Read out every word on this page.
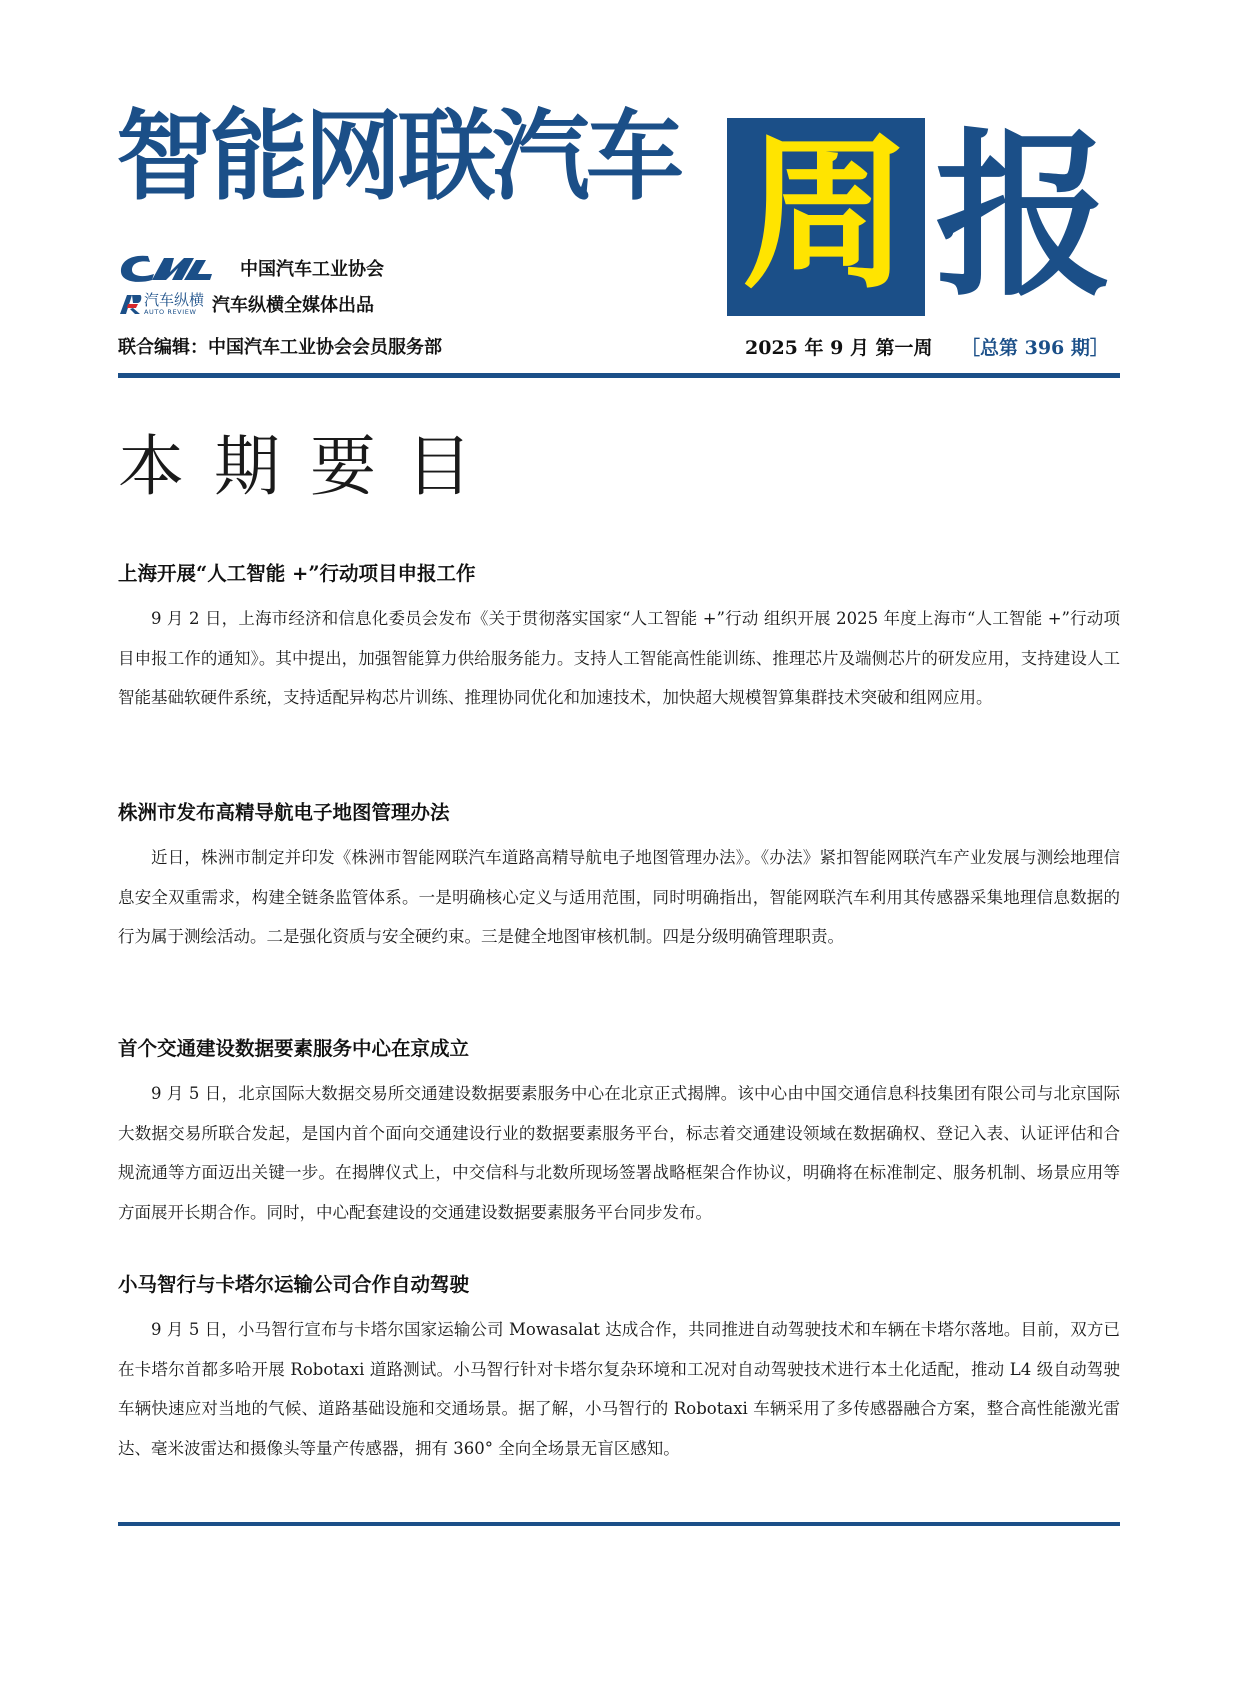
智能网联汽车 周 报
中国汽车工业协会
汽车纵横
AUTO REVIEW 汽车纵横全媒体出品
联合编辑：中国汽车工业协会会员服务部	2025 年 9 月 第一周 ［总第 396 期］
本期要目
上海开展“人工智能 +”行动项目申报工作
9 月 2 日，上海市经济和信息化委员会发布《关于贯彻落实国家“人工智能 +”行动 组织开展 2025 年度上海市“人工智能 +”行动项目申报工作的通知》。其中提出，加强智能算力供给服务能力。支持人工智能高性能训练、推理芯片及端侧芯片的研发应用，支持建设人工智能基础软硬件系统，支持适配异构芯片训练、推理协同优化和加速技术，加快超大规模智算集群技术突破和组网应用。
株洲市发布高精导航电子地图管理办法
近日，株洲市制定并印发《株洲市智能网联汽车道路高精导航电子地图管理办法》。《办法》紧扣智能网联汽车产业发展与测绘地理信息安全双重需求，构建全链条监管体系。一是明确核心定义与适用范围，同时明确指出，智能网联汽车利用其传感器采集地理信息数据的行为属于测绘活动。二是强化资质与安全硬约束。三是健全地图审核机制。四是分级明确管理职责。
首个交通建设数据要素服务中心在京成立
9 月 5 日，北京国际大数据交易所交通建设数据要素服务中心在北京正式揭牌。该中心由中国交通信息科技集团有限公司与北京国际大数据交易所联合发起，是国内首个面向交通建设行业的数据要素服务平台，标志着交通建设领域在数据确权、登记入表、认证评估和合规流通等方面迈出关键一步。在揭牌仪式上，中交信科与北数所现场签署战略框架合作协议，明确将在标准制定、服务机制、场景应用等方面展开长期合作。同时，中心配套建设的交通建设数据要素服务平台同步发布。
小马智行与卡塔尔运输公司合作自动驾驶
9 月 5 日，小马智行宣布与卡塔尔国家运输公司 Mowasalat 达成合作，共同推进自动驾驶技术和车辆在卡塔尔落地。目前，双方已在卡塔尔首都多哈开展 Robotaxi 道路测试。小马智行针对卡塔尔复杂环境和工况对自动驾驶技术进行本土化适配，推动 L4 级自动驾驶车辆快速应对当地的气候、道路基础设施和交通场景。据了解，小马智行的 Robotaxi 车辆采用了多传感器融合方案，整合高性能激光雷达、毫米波雷达和摄像头等量产传感器，拥有 360° 全向全场景无盲区感知。
